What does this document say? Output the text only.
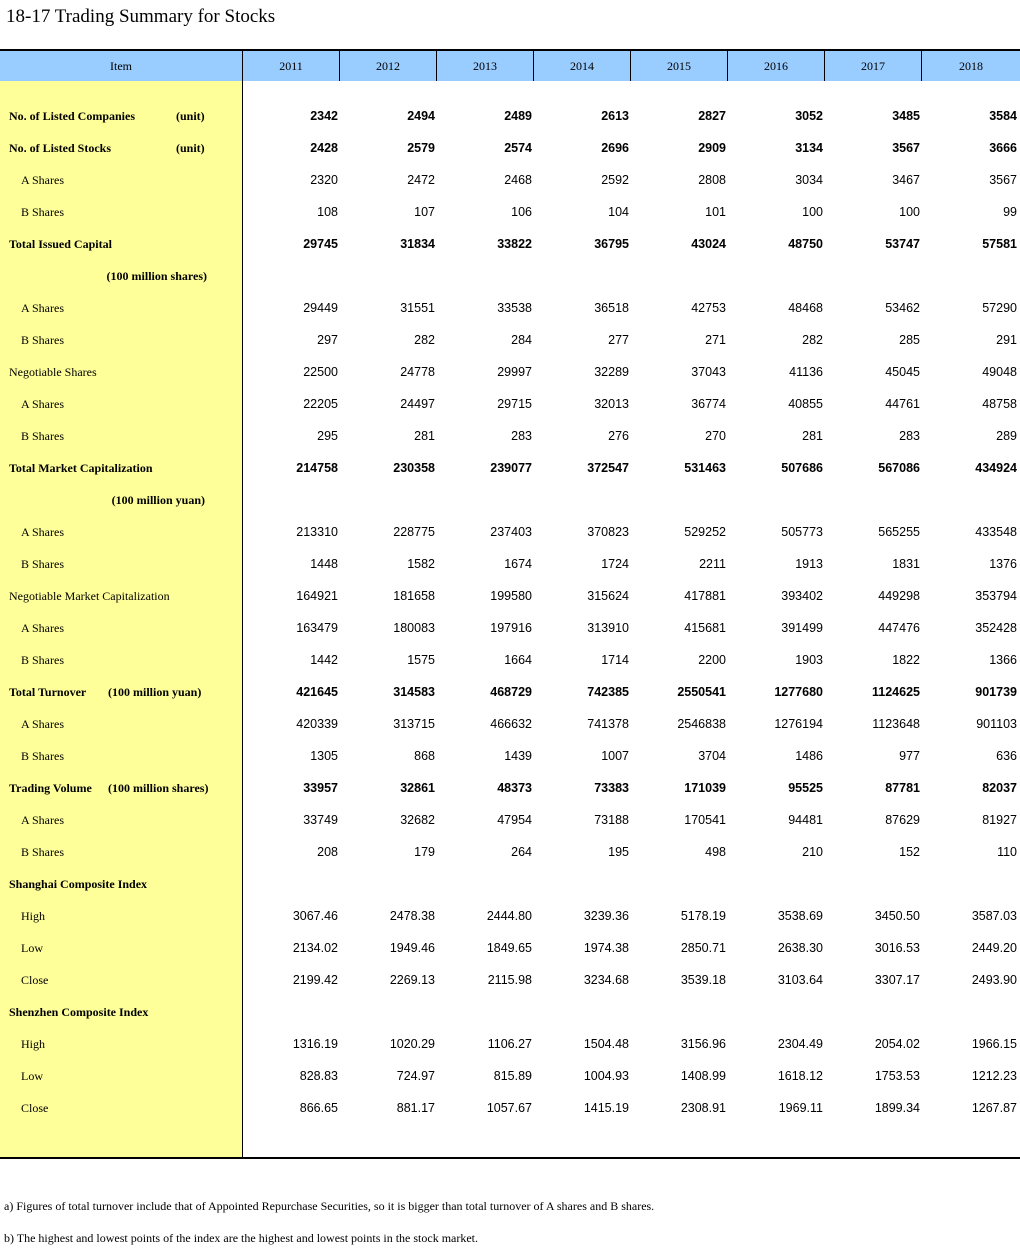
18-17 Trading Summary for Stocks
Item	2011	2012	2013	2014	2015	2016	2017	2018
No. of Listed Companies	(unit)	2342	2494	2489	2613	2827	3052	3485	3584
No. of Listed Stocks	(unit)	2428	2579	2574	2696	2909	3134	3567	3666
A Shares	2320	2472	2468	2592	2808	3034	3467	3567
B Shares	108	107	106	104	101	100	100	99
Total Issued Capital	29745	31834	33822	36795	43024	48750	53747	57581
(100 million shares)
A Shares	29449	31551	33538	36518	42753	48468	53462	57290
B Shares	297	282	284	277	271	282	285	291
Negotiable Shares	22500	24778	29997	32289	37043	41136	45045	49048
A Shares	22205	24497	29715	32013	36774	40855	44761	48758
B Shares	295	281	283	276	270	281	283	289
Total Market Capitalization	214758	230358	239077	372547	531463	507686	567086	434924
(100 million yuan)
A Shares	213310	228775	237403	370823	529252	505773	565255	433548
B Shares	1448	1582	1674	1724	2211	1913	1831	1376
Negotiable Market Capitalization	164921	181658	199580	315624	417881	393402	449298	353794
A Shares	163479	180083	197916	313910	415681	391499	447476	352428
B Shares	1442	1575	1664	1714	2200	1903	1822	1366
Total Turnover (100 million yuan)	421645	314583	468729	742385	2550541	1277680	1124625	901739
A Shares	420339	313715	466632	741378	2546838	1276194	1123648	901103
B Shares	1305	868	1439	1007	3704	1486	977	636
Trading Volume (100 million shares)	33957	32861	48373	73383	171039	95525	87781	82037
A Shares	33749	32682	47954	73188	170541	94481	87629	81927
B Shares	208	179	264	195	498	210	152	110
Shanghai Composite Index
High	3067.46	2478.38	2444.80	3239.36	5178.19	3538.69	3450.50	3587.03
Low	2134.02	1949.46	1849.65	1974.38	2850.71	2638.30	3016.53	2449.20
Close	2199.42	2269.13	2115.98	3234.68	3539.18	3103.64	3307.17	2493.90
Shenzhen Composite Index
High	1316.19	1020.29	1106.27	1504.48	3156.96	2304.49	2054.02	1966.15
Low	828.83	724.97	815.89	1004.93	1408.99	1618.12	1753.53	1212.23
Close	866.65	881.17	1057.67	1415.19	2308.91	1969.11	1899.34	1267.87
a) Figures of total turnover include that of Appointed Repurchase Securities, so it is bigger than total turnover of A shares and B shares.
b) The highest and lowest points of the index are the highest and lowest points in the stock market.
